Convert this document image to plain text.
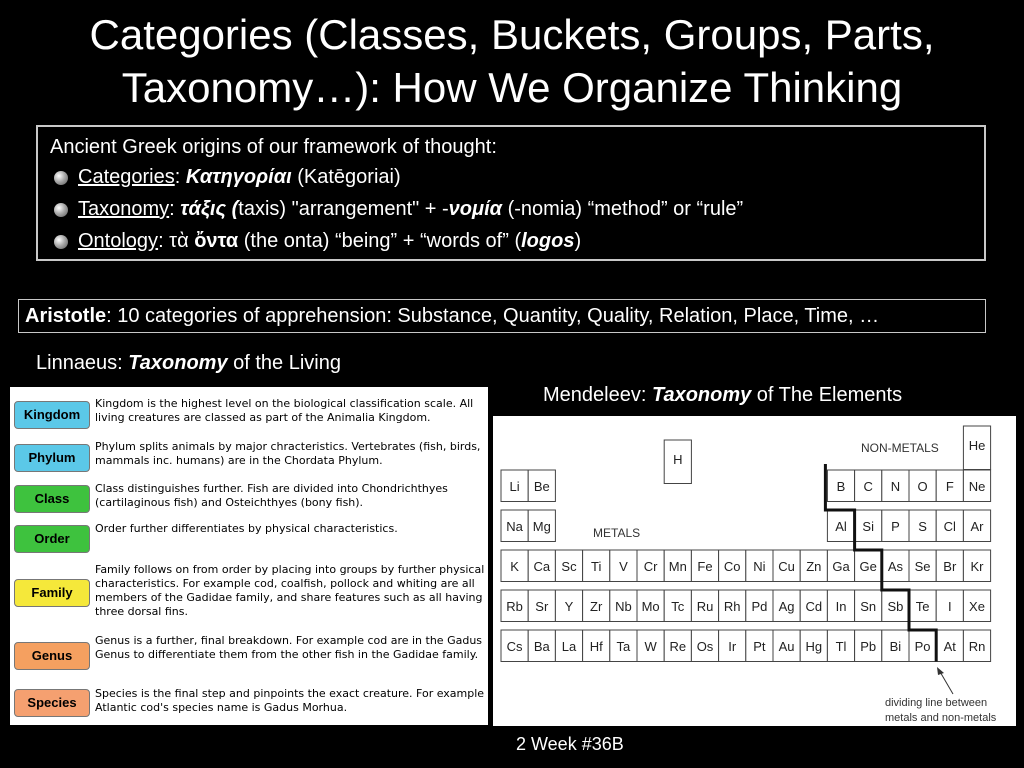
Categories (Classes, Buckets, Groups, Parts,
Taxonomy…): How We Organize Thinking
Ancient Greek origins of our framework of thought:
Categories: Κατηγορίαι (Katēgoriai)
Taxonomy: τάξις (taxis) "arrangement" + -νομία (-nomia) “method” or “rule”
Ontology: τὰ ὄντα (the onta) “being” + “words of” (logos)
Aristotle: 10 categories of apprehension: Substance, Quantity, Quality, Relation, Place, Time, …
Linnaeus: Taxonomy of the Living
Kingdom
Kingdom is the highest level on the biological classification scale. All living creatures are classed as part of the Animalia Kingdom.
Phylum
Phylum splits animals by major chracteristics. Vertebrates (fish, birds, mammals inc. humans) are in the Chordata Phylum.
Class
Class distinguishes further. Fish are divided into Chondrichthyes (cartilaginous fish) and Osteichthyes (bony fish).
Order
Order further differentiates by physical characteristics.
Family
Family follows on from order by placing into groups by further physical characteristics. For example cod, coalfish, pollock and whiting are all members of the Gadidae family, and share features such as all having three dorsal fins.
Genus
Genus is a further, final breakdown. For example cod are in the Gadus Genus to differentiate them from the other fish in the Gadidae family.
Species
Species is the final step and pinpoints the exact creature. For example Atlantic cod's species name is Gadus Morhua.
Mendeleev: Taxonomy of The Elements
H
He
Li Be	B C N O F Ne
Na Mg	Al Si P S Cl Ar
K Ca Sc Ti V Cr Mn Fe Co Ni Cu Zn Ga Ge As Se Br Kr
Rb Sr Y Zr Nb Mo Tc Ru Rh Pd Ag Cd In Sn Sb Te I Xe
Cs Ba La Hf Ta W Re Os Ir Pt Au Hg Tl Pb Bi Po At Rn
NON-METALS
METALS
dividing line between
metals and non-metals
2 Week #36B
